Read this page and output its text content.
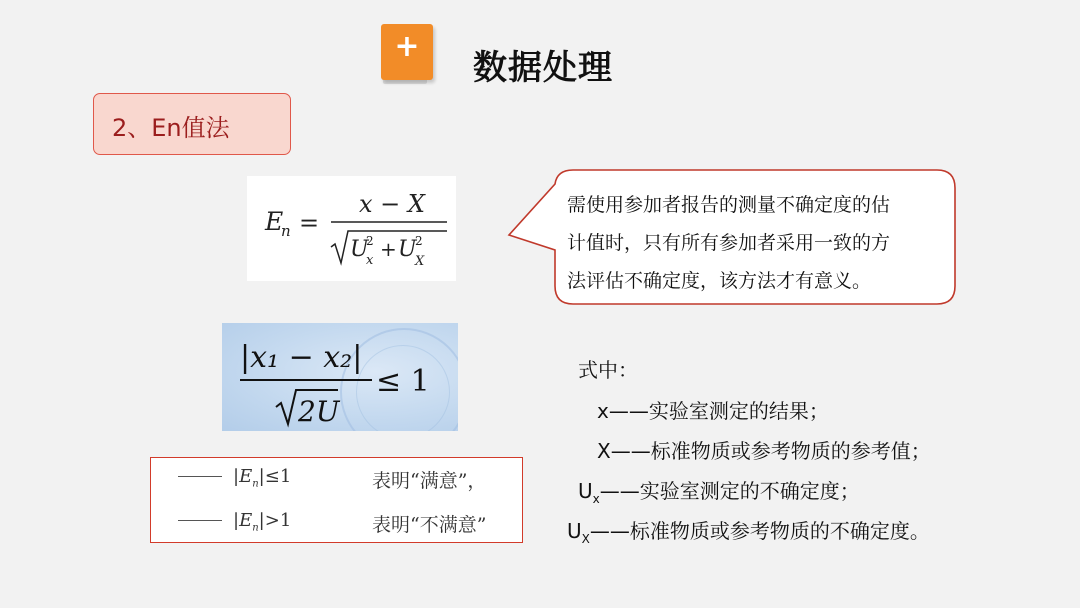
+
数据处理
2、En值法
E
n =
x − X
U
2
x + U
2
X
|x₁ − x₂|
2U
≤ 1
$|E_n|\le 1$	表明“满意”，
$|E_n|>1$	表明“不满意”
需使用参加者报告的测量不确定度的估
计值时，只有所有参加者采用一致的方
法评估不确定度，该方法才有意义。
式中：
x——实验室测定的结果；
X——标准物质或参考物质的参考值；
$U_x——$实验室测定的不确定度；
$U_X——$标准物质或参考物质的不确定度。
